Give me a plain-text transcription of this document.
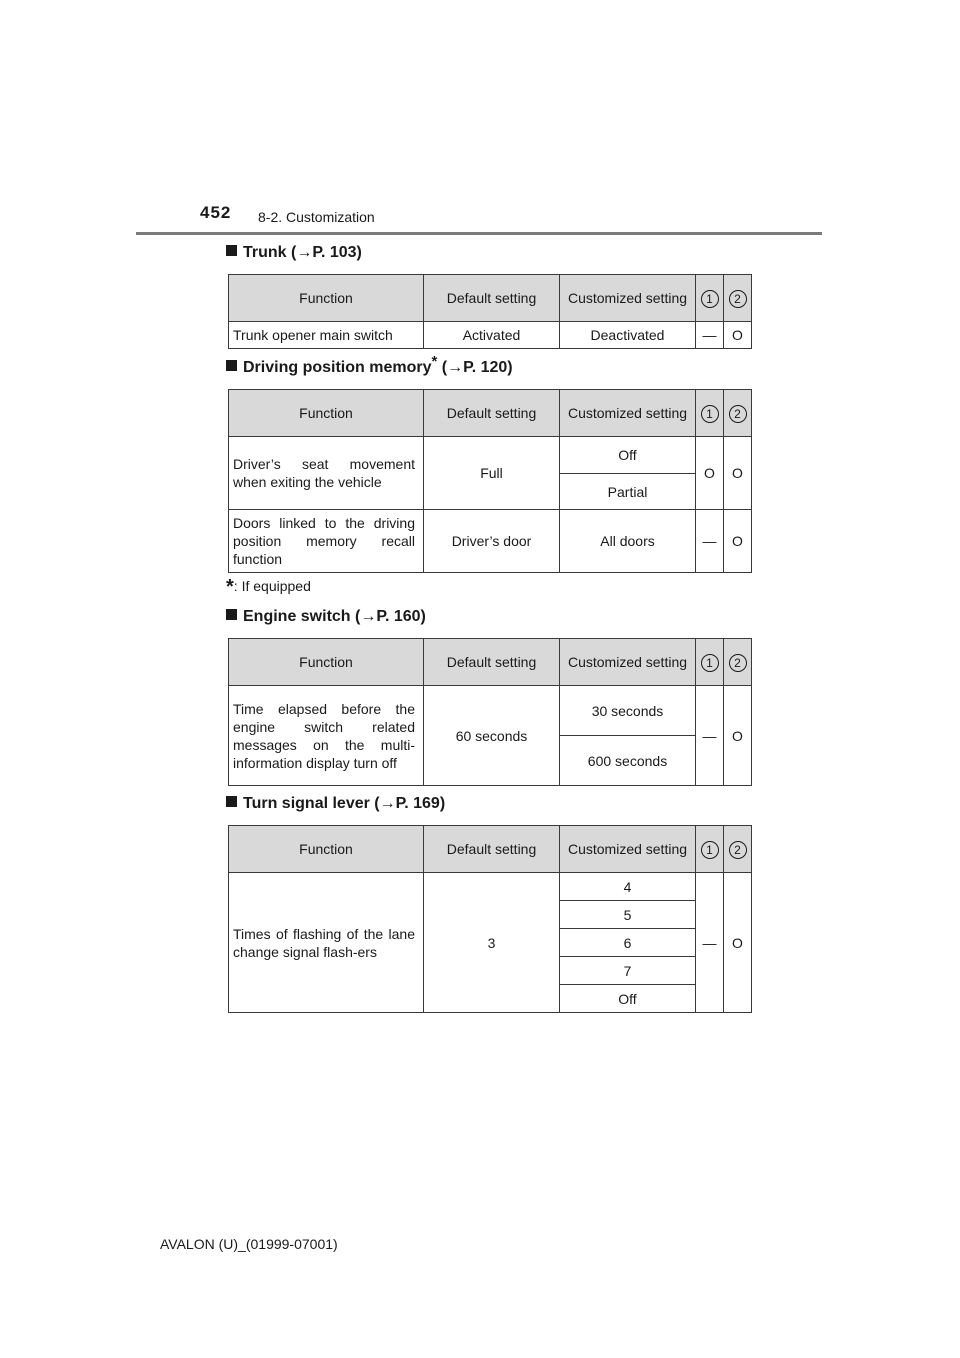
452 8-2. Customization
Trunk (→P. 103)
Function	Default setting	Customized setting	1	2
Trunk opener main switch	Activated	Deactivated	—	O
Driving position memory* (→P. 120)
Function	Default setting	Customized setting	1	2
Driver’s seat movement when exiting the vehicle	Full	Off	O	O
		Partial		
Doors linked to the driving position memory recall function	Driver’s door	All doors	—	O
*: If equipped
Engine switch (→P. 160)
Function	Default setting	Customized setting	1	2
Time elapsed before the engine switch related messages on the multi-information display turn off	60 seconds	30 seconds	—	O
		600 seconds		
Turn signal lever (→P. 169)
Function	Default setting	Customized setting	1	2
Times of flashing of the lane change signal flash-ers	3	4	—	O
		5		
		6		
		7		
		Off		
AVALON (U)_(01999-07001)
